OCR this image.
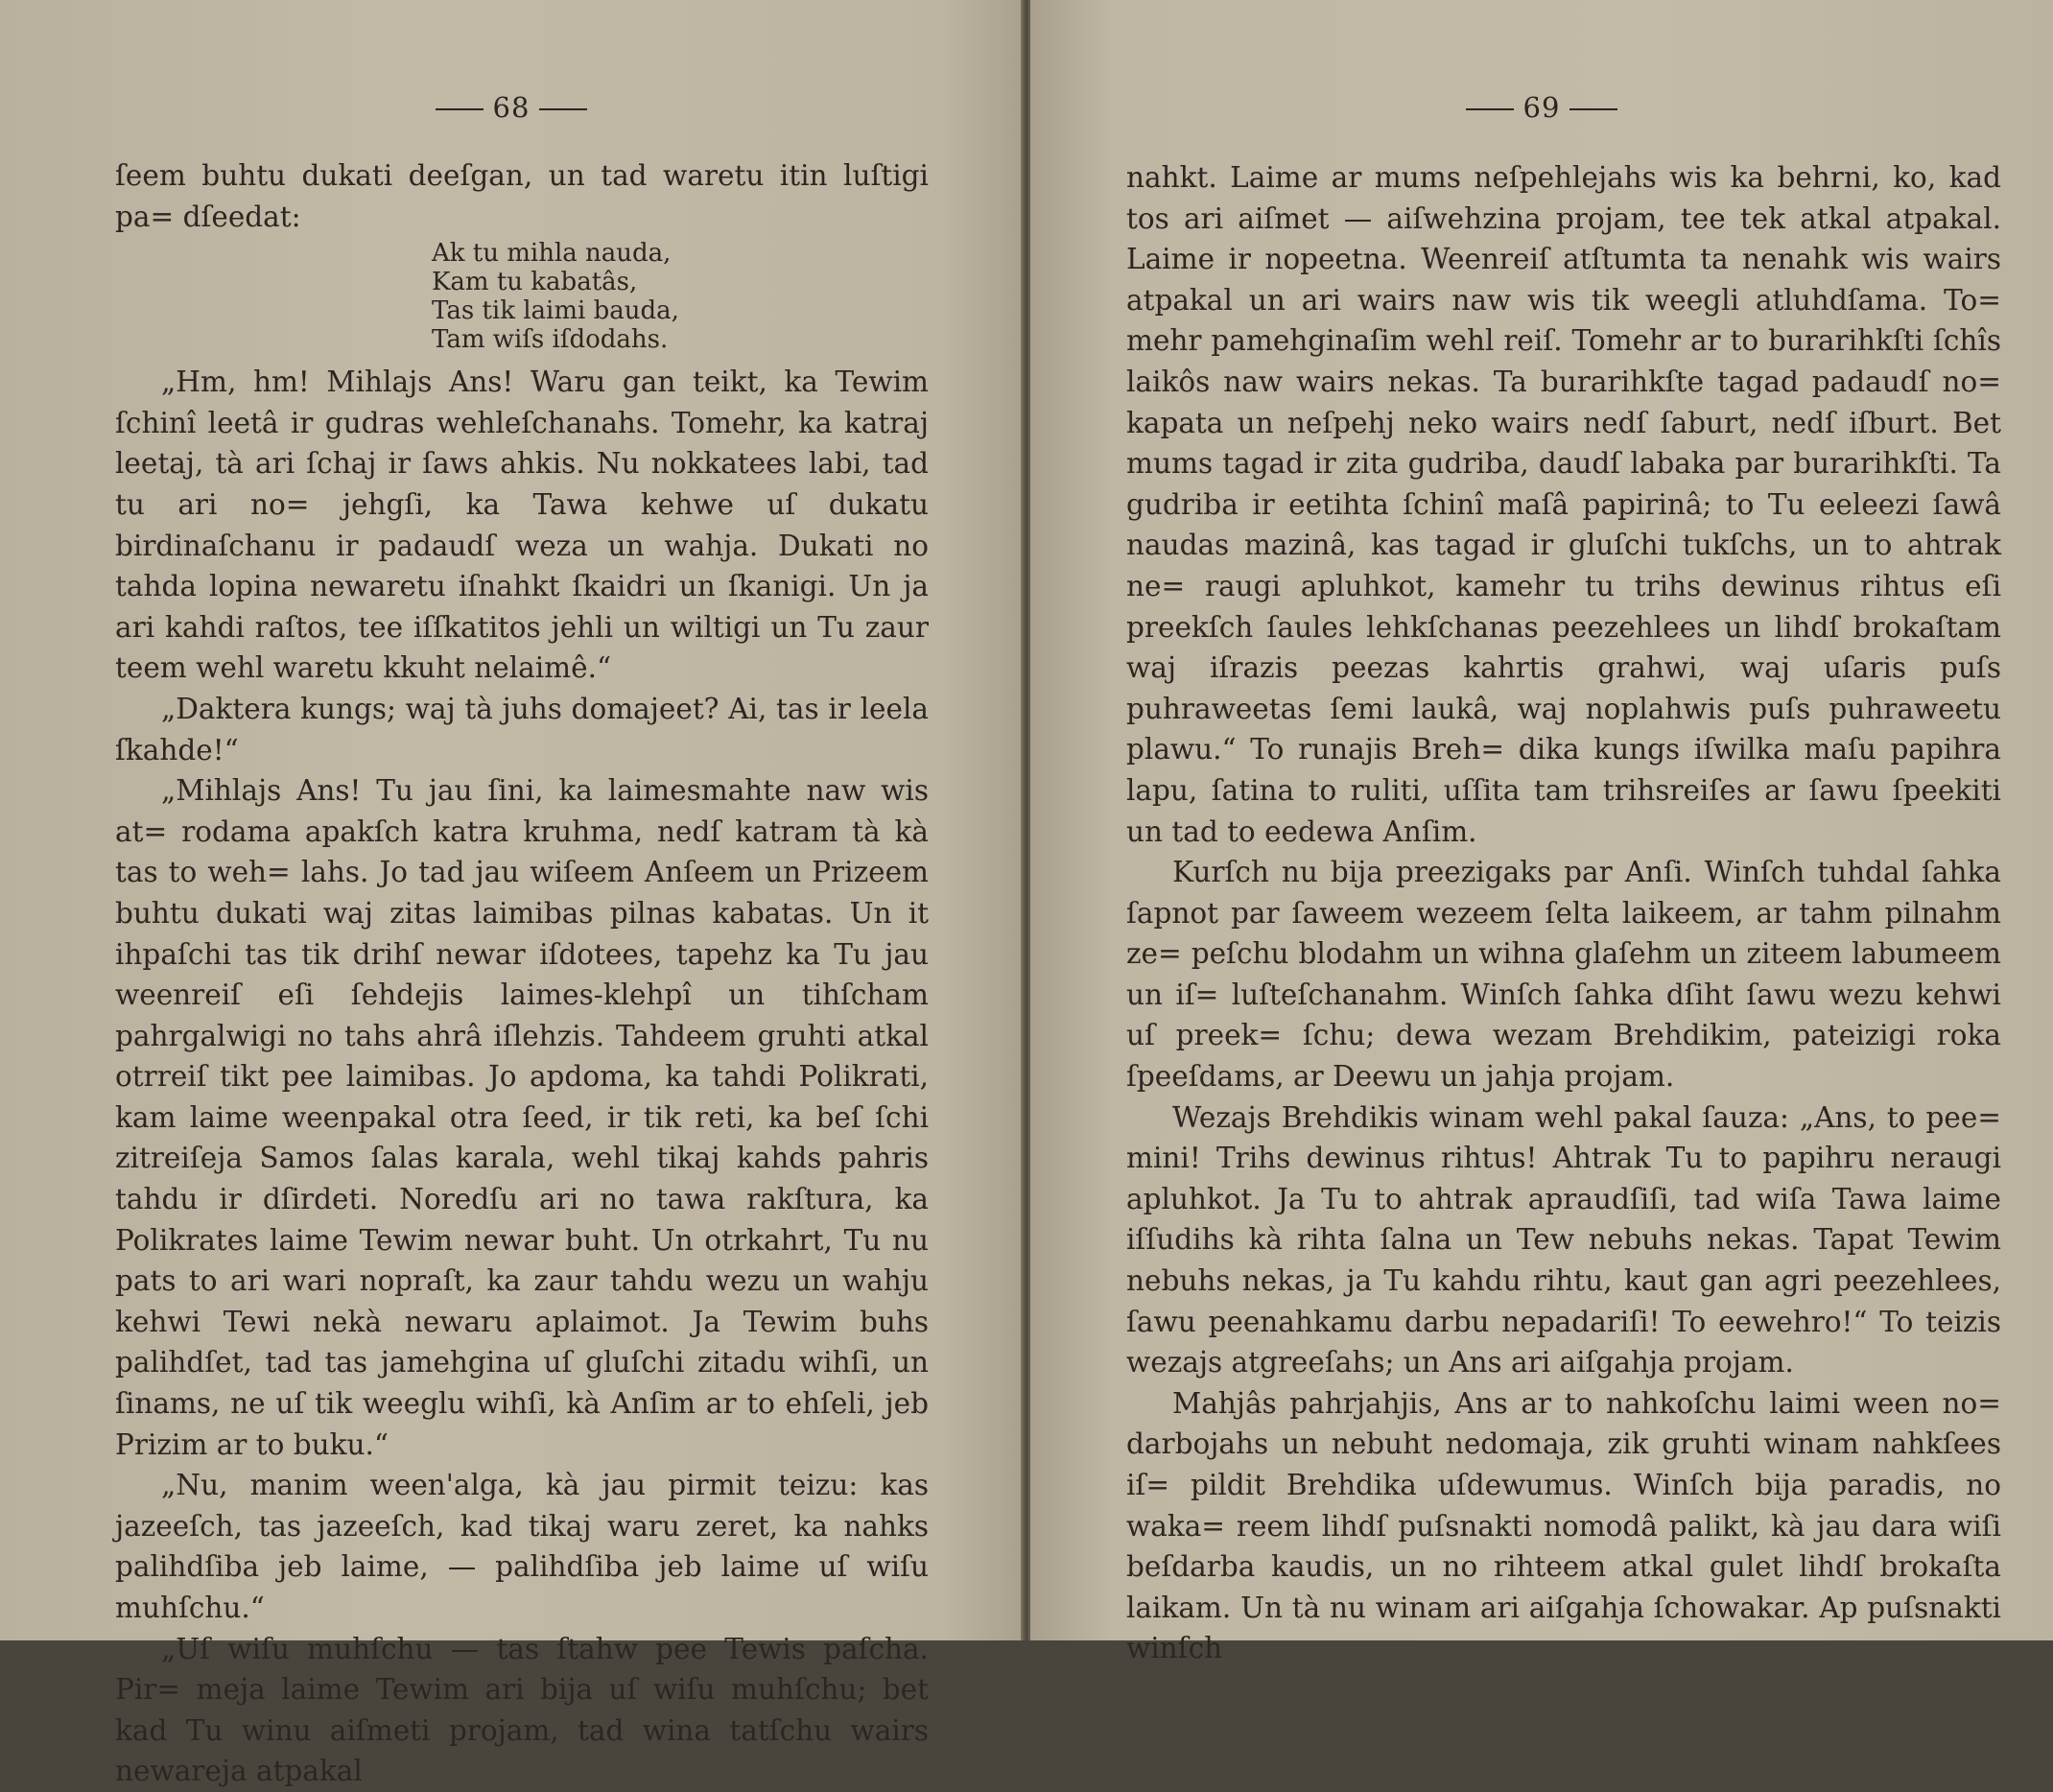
68

ſeem buhtu dukati deeſgan, un tad waretu itin luſtigi pa= dſeedat:

Ak tu mihla nauda,
Kam tu kabatâs,
Tas tik laimi bauda,
Tam wiſs iſdodahs.

„Hm, hm! Mihlajs Ans! Waru gan teikt, ka Tewim ſchinî leetâ ir gudras wehleſchanahs. Tomehr, ka katraj leetaj, tà ari ſchaj ir ſaws ahkis. Nu nokkatees labi, tad tu ari no= jehgſi, ka Tawa kehwe uſ dukatu birdinaſchanu ir padaudſ weza un wahja. Dukati no tahda lopina newaretu iſnahkt ſkaidri un ſkanigi. Un ja ari kahdi raſtos, tee iſſkatitos jehli un wiltigi un Tu zaur teem wehl waretu kkuht nelaimê.“

„Daktera kungs; waj tà juhs domajeet? Ai, tas ir leela ſkahde!“

„Mihlajs Ans! Tu jau ſini, ka laimesmahte naw wis at= rodama apakſch katra kruhma, nedſ katram tà kà tas to weh= lahs. Jo tad jau wiſeem Anſeem un Prizeem buhtu dukati waj zitas laimibas pilnas kabatas. Un it ihpaſchi tas tik drihſ newar iſdotees, tapehz ka Tu jau weenreiſ eſi ſehdejis laimes-klehpî un tihſcham pahrgalwigi no tahs ahrâ iſlehzis. Tahdeem gruhti atkal otrreiſ tikt pee laimibas. Jo apdoma, ka tahdi Polikrati, kam laime weenpakal otra ſeed, ir tik reti, ka beſ ſchi zitreiſeja Samos ſalas karala, wehl tikaj kahds pahris tahdu ir dſirdeti. Noredſu ari no tawa rakſtura, ka Polikrates laime Tewim newar buht. Un otrkahrt, Tu nu pats to ari wari nopraſt, ka zaur tahdu wezu un wahju kehwi Tewi nekà newaru aplaimot. Ja Tewim buhs palihdſet, tad tas jamehgina uſ gluſchi zitadu wihſi, un ſinams, ne uſ tik weeglu wihſi, kà Anſim ar to ehſeli, jeb Prizim ar to buku.“

„Nu, manim ween'alga, kà jau pirmit teizu: kas jazeeſch, tas jazeeſch, kad tikaj waru zeret, ka nahks palihdſiba jeb laime, — palihdſiba jeb laime uſ wiſu muhſchu.“

„Uſ wiſu muhſchu — tas ſtahw pee Tewis paſcha. Pir= meja laime Tewim ari bija uſ wiſu muhſchu; bet kad Tu winu aiſmeti projam, tad wina tatſchu wairs newareja atpakal

69

nahkt. Laime ar mums neſpehlejahs wis ka behrni, ko, kad tos ari aiſmet — aiſwehzina projam, tee tek atkal atpakal. Laime ir nopeetna. Weenreiſ atſtumta ta nenahk wis wairs atpakal un ari wairs naw wis tik weegli atluhdſama. To= mehr pamehginaſim wehl reiſ. Tomehr ar to burarihkſti ſchîs laikôs naw wairs nekas. Ta burarihkſte tagad padaudſ no= kapata un neſpehj neko wairs nedſ ſaburt, nedſ iſburt. Bet mums tagad ir zita gudriba, daudſ labaka par burarihkſti. Ta gudriba ir eetihta ſchinî maſâ papirinâ; to Tu eeleezi ſawâ naudas mazinâ, kas tagad ir gluſchi tukſchs, un to ahtrak ne= raugi apluhkot, kamehr tu trihs dewinus rihtus eſi preekſch ſaules lehkſchanas peezehlees un lihdſ brokaſtam waj iſrazis peezas kahrtis grahwi, waj uſaris puſs puhraweetas ſemi laukâ, waj noplahwis puſs puhraweetu plawu.“ To runajis Breh= dika kungs iſwilka maſu papihra lapu, ſatina to ruliti, uſſita tam trihsreiſes ar ſawu ſpeekiti un tad to eedewa Anſim.

Kurſch nu bija preezigaks par Anſi. Winſch tuhdal ſahka ſapnot par ſaweem wezeem ſelta laikeem, ar tahm pilnahm ze= peſchu blodahm un wihna glaſehm un ziteem labumeem un iſ= luſteſchanahm. Winſch ſahka dſiht ſawu wezu kehwi uſ preek= ſchu; dewa wezam Brehdikim, pateizigi roka ſpeeſdams, ar Deewu un jahja projam.

Wezajs Brehdikis winam wehl pakal ſauza: „Ans, to pee= mini! Trihs dewinus rihtus! Ahtrak Tu to papihru neraugi apluhkot. Ja Tu to ahtrak apraudſiſi, tad wiſa Tawa laime iſſudihs kà rihta ſalna un Tew nebuhs nekas. Tapat Tewim nebuhs nekas, ja Tu kahdu rihtu, kaut gan agri peezehlees, ſawu peenahkamu darbu nepadariſi! To eewehro!“ To teizis wezajs atgreeſahs; un Ans ari aiſgahja projam.

Mahjâs pahrjahjis, Ans ar to nahkoſchu laimi ween no= darbojahs un nebuht nedomaja, zik gruhti winam nahkſees iſ= pildit Brehdika uſdewumus. Winſch bija paradis, no waka= reem lihdſ puſsnakti nomodâ palikt, kà jau dara wiſi beſdarba kaudis, un no rihteem atkal gulet lihdſ brokaſta laikam. Un tà nu winam ari aiſgahja ſchowakar. Ap puſsnakti winſch
